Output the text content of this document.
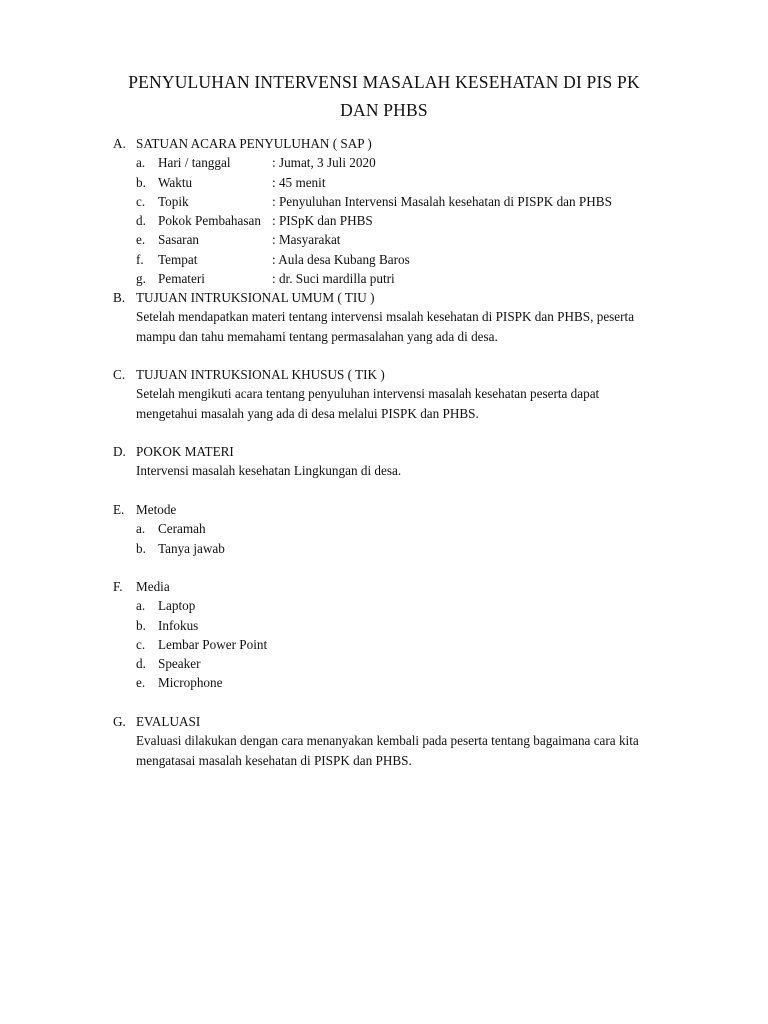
PENYULUHAN INTERVENSI MASALAH KESEHATAN DI PIS PK
DAN PHBS
A. SATUAN ACARA PENYULUHAN ( SAP )
a. Hari / tanggal	: Jumat, 3 Juli 2020
b. Waktu	: 45 menit
c. Topik	: Penyuluhan Intervensi Masalah kesehatan di PISPK dan PHBS
d. Pokok Pembahasan : PISpK dan PHBS
e. Sasaran	: Masyarakat
f.	Tempat	: Aula desa Kubang Baros
g. Pemateri	: dr. Suci mardilla putri
B. TUJUAN INTRUKSIONAL UMUM ( TIU )
Setelah mendapatkan materi tentang intervensi msalah kesehatan di PISPK dan PHBS, peserta
mampu dan tahu memahami tentang permasalahan yang ada di desa.
C. TUJUAN INTRUKSIONAL KHUSUS ( TIK )
Setelah mengikuti acara tentang penyuluhan intervensi masalah kesehatan peserta dapat
mengetahui masalah yang ada di desa melalui PISPK dan PHBS.
D. POKOK MATERI
Intervensi masalah kesehatan Lingkungan di desa.
E. Metode
a. Ceramah
b. Tanya jawab
F.	Media
a. Laptop
b. Infokus
c. Lembar Power Point
d. Speaker
e. Microphone
G. EVALUASI
Evaluasi dilakukan dengan cara menanyakan kembali pada peserta tentang bagaimana cara kita
mengatasai masalah kesehatan di PISPK dan PHBS.
